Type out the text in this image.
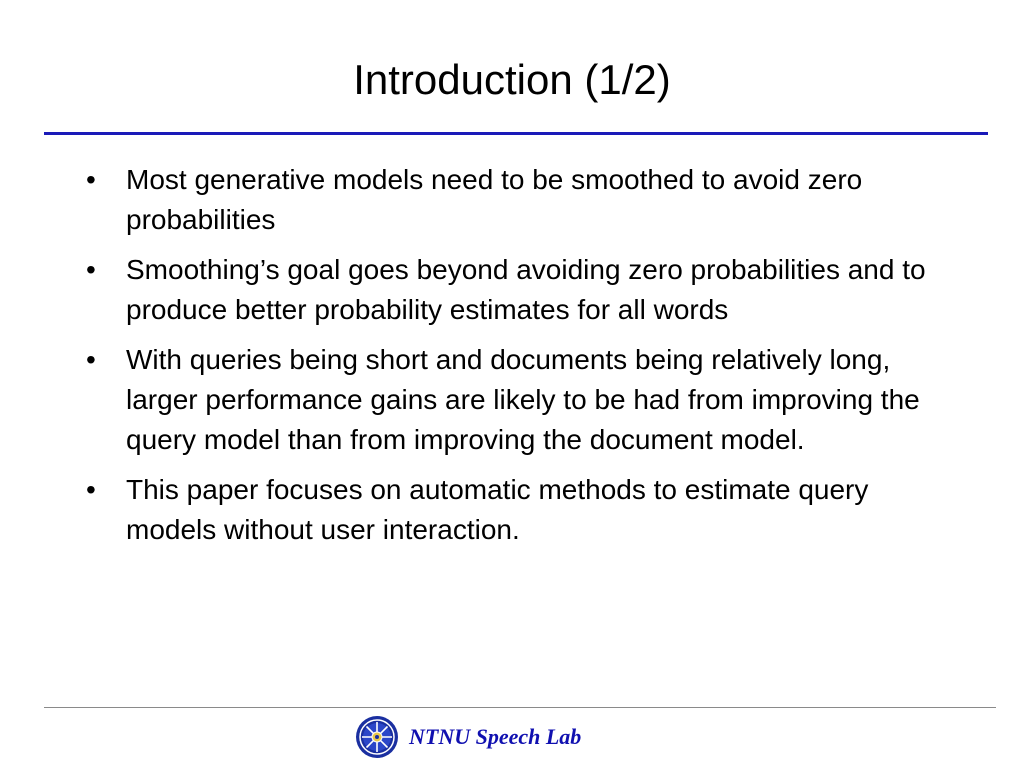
Introduction (1/2)
•	Most generative models need to be smoothed to avoid zero probabilities
•	Smoothing’s goal goes beyond avoiding zero probabilities and to produce better probability estimates for all words
•	With queries being short and documents being relatively long, larger performance gains are likely to be had from improving the query model than from improving the document model.
•	This paper focuses on automatic methods to estimate query models without user interaction.
NTNU Speech Lab
